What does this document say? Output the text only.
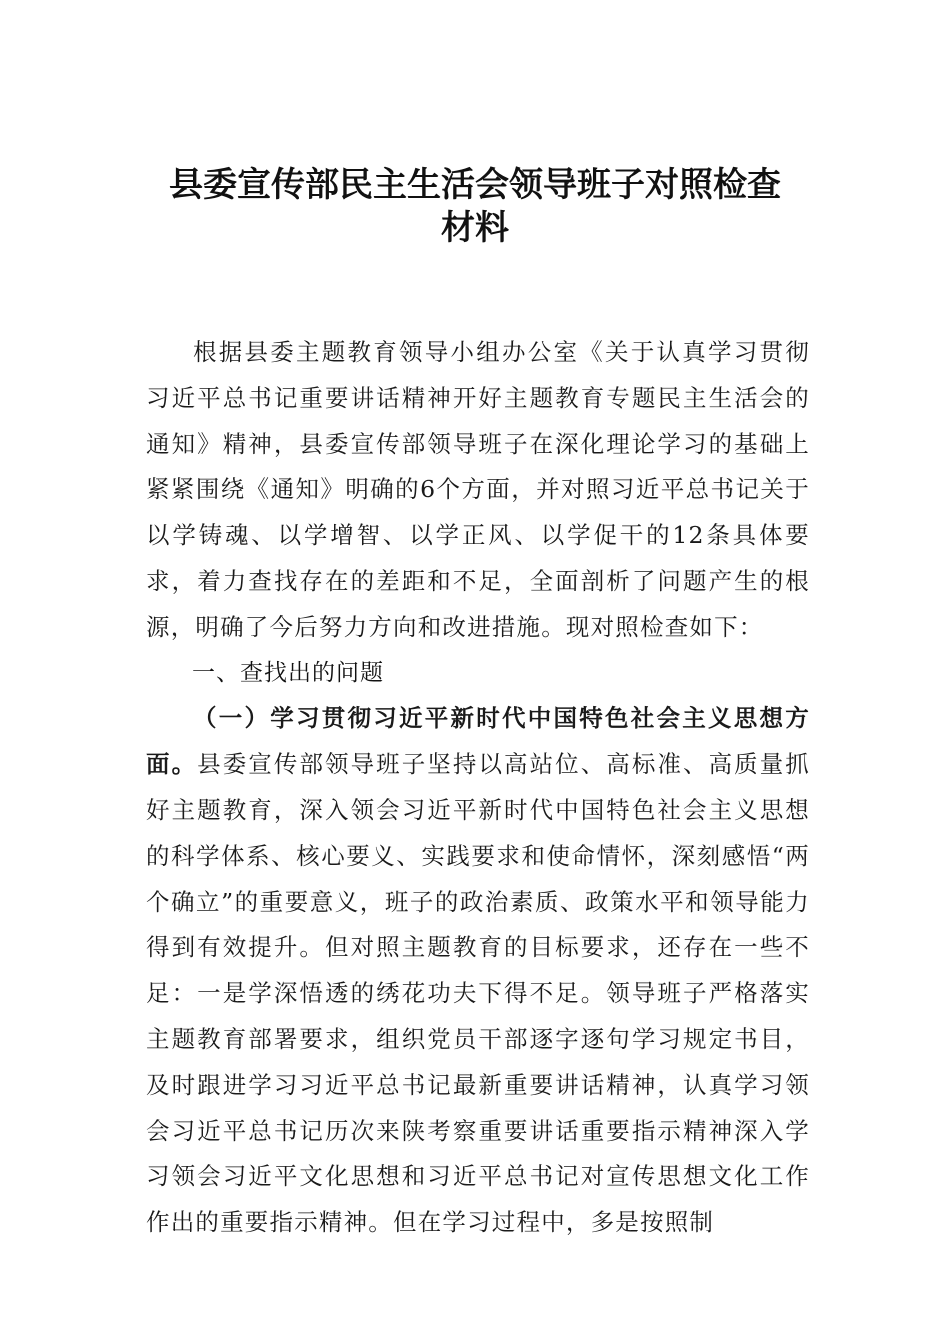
县委宣传部民主生活会领导班子对照检查
材料

根据县委主题教育领导小组办公室《关于认真学习贯彻习近平总书记重要讲话精神开好主题教育专题民主生活会的通知》精神，县委宣传部领导班子在深化理论学习的基础上紧紧围绕《通知》明确的6个方面，并对照习近平总书记关于以学铸魂、以学增智、以学正风、以学促干的12条具体要求，着力查找存在的差距和不足，全面剖析了问题产生的根源，明确了今后努力方向和改进措施。现对照检查如下：

一、查找出的问题

（一）学习贯彻习近平新时代中国特色社会主义思想方面。县委宣传部领导班子坚持以高站位、高标准、高质量抓好主题教育，深入领会习近平新时代中国特色社会主义思想的科学体系、核心要义、实践要求和使命情怀，深刻感悟“两个确立”的重要意义，班子的政治素质、政策水平和领导能力得到有效提升。但对照主题教育的目标要求，还存在一些不足：一是学深悟透的绣花功夫下得不足。领导班子严格落实主题教育部署要求，组织党员干部逐字逐句学习规定书目，及时跟进学习习近平总书记最新重要讲话精神，认真学习领会习近平总书记历次来陕考察重要讲话重要指示精神深入学习领会习近平文化思想和习近平总书记对宣传思想文化工作作出的重要指示精神。但在学习过程中，多是按照制
